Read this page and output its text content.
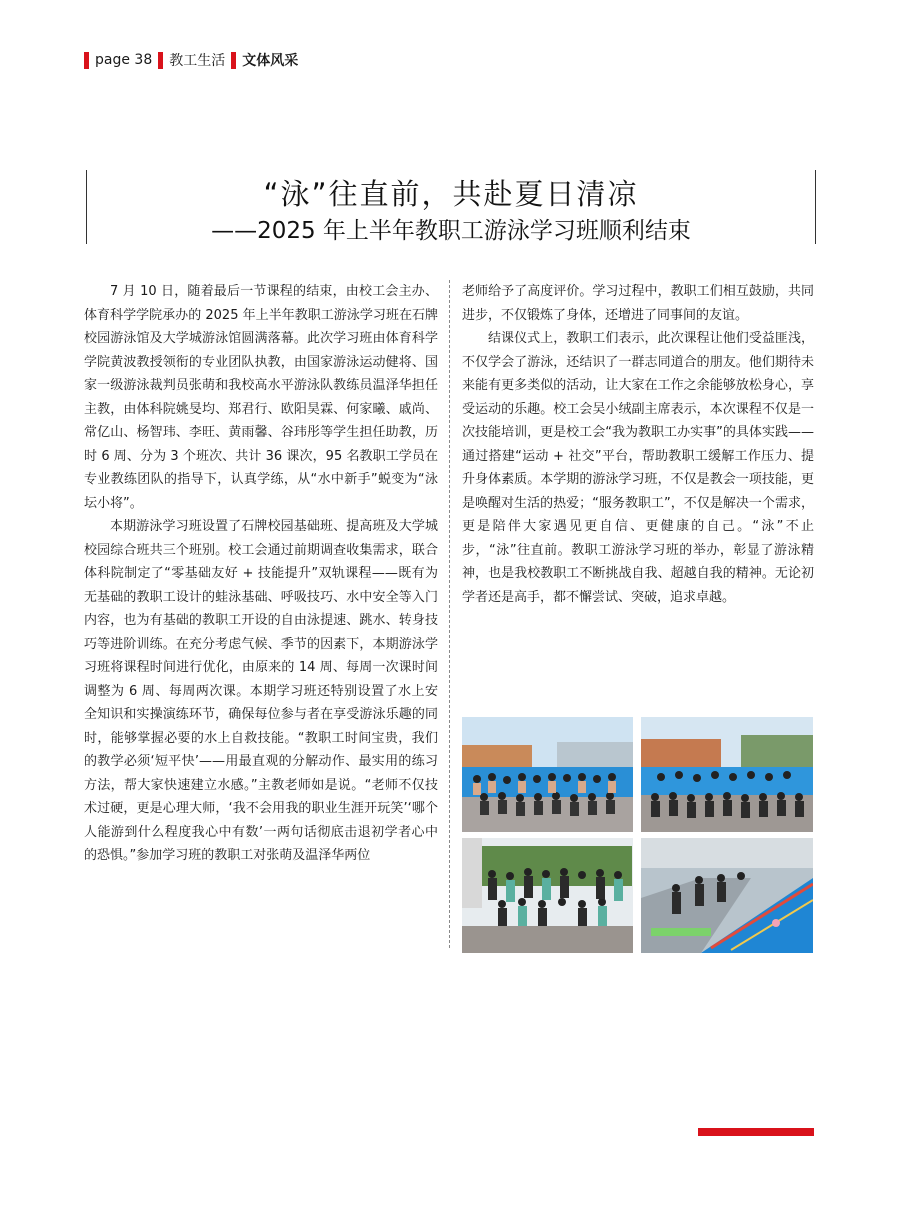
page 38 教工生活 文体风采
“泳”往直前，共赴夏日清凉
——2025 年上半年教职工游泳学习班顺利结束

7 月 10 日，随着最后一节课程的结束，由校工会主办、体育科学学院承办的 2025 年上半年教职工游泳学习班在石牌校园游泳馆及大学城游泳馆圆满落幕。此次学习班由体育科学学院黄波教授领衔的专业团队执教，由国家游泳运动健将、国家一级游泳裁判员张萌和我校高水平游泳队教练员温泽华担任主教，由体科院姚旻均、郑君行、欧阳昊霖、何家曦、戚尚、常亿山、杨智玮、李旺、黄雨馨、谷玮彤等学生担任助教，历时 6 周、分为 3 个班次、共计 36 课次，95 名教职工学员在专业教练团队的指导下，认真学练，从“水中新手”蜕变为“泳坛小将”。

本期游泳学习班设置了石牌校园基础班、提高班及大学城校园综合班共三个班别。校工会通过前期调查收集需求，联合体科院制定了“零基础友好 + 技能提升”双轨课程——既有为无基础的教职工设计的蛙泳基础、呼吸技巧、水中安全等入门内容，也为有基础的教职工开设的自由泳提速、跳水、转身技巧等进阶训练。在充分考虑气候、季节的因素下，本期游泳学习班将课程时间进行优化，由原来的 14 周、每周一次课时间调整为 6 周、每周两次课。本期学习班还特别设置了水上安全知识和实操演练环节，确保每位参与者在享受游泳乐趣的同时，能够掌握必要的水上自救技能。“教职工时间宝贵，我们的教学必须‘短平快’——用最直观的分解动作、最实用的练习方法，帮大家快速建立水感。”主教老师如是说。“老师不仅技术过硬，更是心理大师，‘我不会用我的职业生涯开玩笑’‘哪个人能游到什么程度我心中有数’一两句话彻底击退初学者心中的恐惧。”参加学习班的教职工对张萌及温泽华两位

老师给予了高度评价。学习过程中，教职工们相互鼓励，共同进步，不仅锻炼了身体，还增进了同事间的友谊。

结课仪式上，教职工们表示，此次课程让他们受益匪浅，不仅学会了游泳，还结识了一群志同道合的朋友。他们期待未来能有更多类似的活动，让大家在工作之余能够放松身心，享受运动的乐趣。校工会吴小绒副主席表示，本次课程不仅是一次技能培训，更是校工会“我为教职工办实事”的具体实践——通过搭建“运动 + 社交”平台，帮助教职工缓解工作压力、提升身体素质。本学期的游泳学习班，不仅是教会一项技能，更是唤醒对生活的热爱；“服务教职工”，不仅是解决一个需求，更是陪伴大家遇见更自信、更健康的自己。“泳”不止步，“泳”往直前。教职工游泳学习班的举办，彰显了游泳精神，也是我校教职工不断挑战自我、超越自我的精神。无论初学者还是高手，都不懈尝试、突破，追求卓越。
